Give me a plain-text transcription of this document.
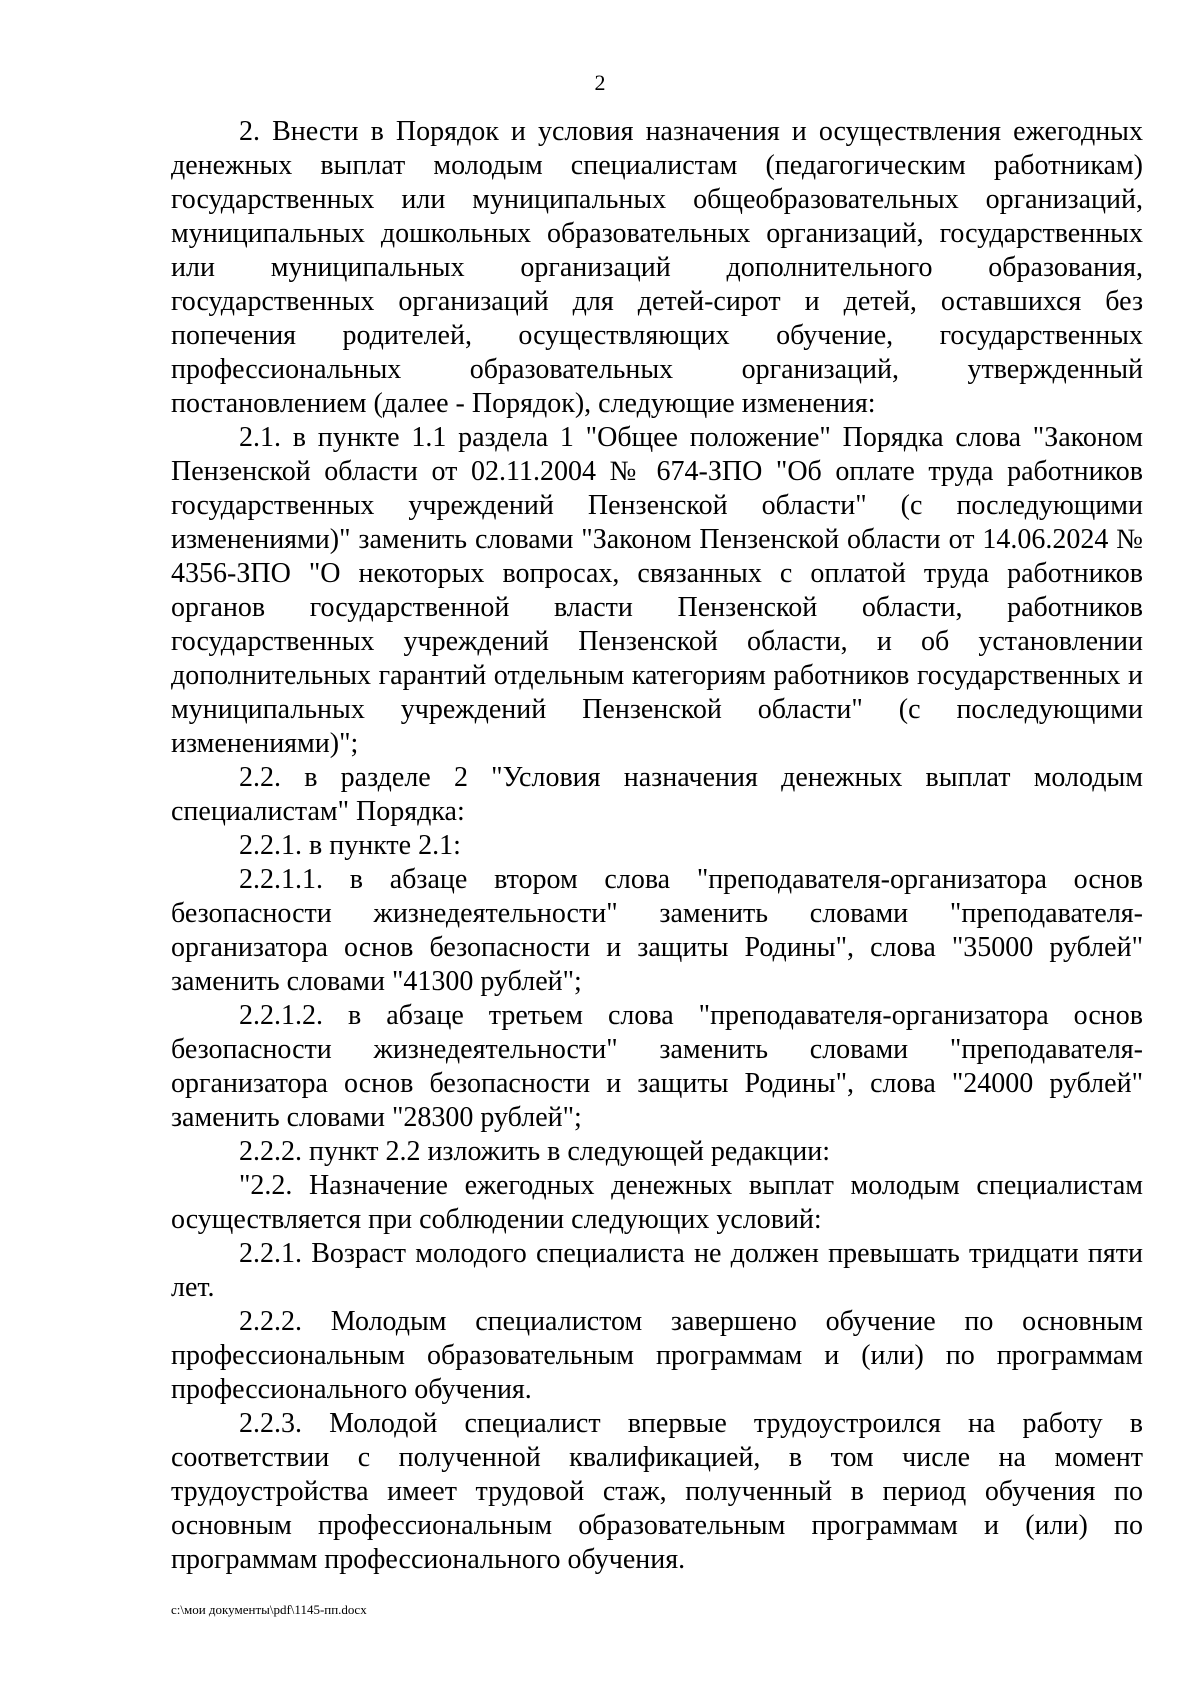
2

2. Внести в Порядок и условия назначения и осуществления ежегодных денежных выплат молодым специалистам (педагогическим работникам) государственных или муниципальных общеобразовательных организаций, муниципальных дошкольных образовательных организаций, государственных или муниципальных организаций дополнительного образования, государственных организаций для детей-сирот и детей, оставшихся без попечения родителей, осуществляющих обучение, государственных профессиональных образовательных организаций, утвержденный постановлением (далее - Порядок), следующие изменения:

2.1. в пункте 1.1 раздела 1 "Общее положение" Порядка слова "Законом Пензенской области от 02.11.2004 № 674-ЗПО "Об оплате труда работников государственных учреждений Пензенской области" (с последующими изменениями)" заменить словами "Законом Пензенской области от 14.06.2024 № 4356-ЗПО "О некоторых вопросах, связанных с оплатой труда работников органов государственной власти Пензенской области, работников государственных учреждений Пензенской области, и об установлении дополнительных гарантий отдельным категориям работников государственных и муниципальных учреждений Пензенской области" (с последующими изменениями)";

2.2. в разделе 2 "Условия назначения денежных выплат молодым специалистам" Порядка:

2.2.1. в пункте 2.1:

2.2.1.1. в абзаце втором слова "преподавателя-организатора основ безопасности жизнедеятельности" заменить словами "преподавателя-организатора основ безопасности и защиты Родины", слова "35000 рублей" заменить словами "41300 рублей";

2.2.1.2. в абзаце третьем слова "преподавателя-организатора основ безопасности жизнедеятельности" заменить словами "преподавателя-организатора основ безопасности и защиты Родины", слова "24000 рублей" заменить словами "28300 рублей";

2.2.2. пункт 2.2 изложить в следующей редакции:

"2.2. Назначение ежегодных денежных выплат молодым специалистам осуществляется при соблюдении следующих условий:

2.2.1. Возраст молодого специалиста не должен превышать тридцати пяти лет.

2.2.2. Молодым специалистом завершено обучение по основным профессиональным образовательным программам и (или) по программам профессионального обучения.

2.2.3. Молодой специалист впервые трудоустроился на работу в соответствии с полученной квалификацией, в том числе на момент трудоустройства имеет трудовой стаж, полученный в период обучения по основным профессиональным образовательным программам и (или) по программам профессионального обучения.

c:\мои документы\pdf\1145-пп.docx
